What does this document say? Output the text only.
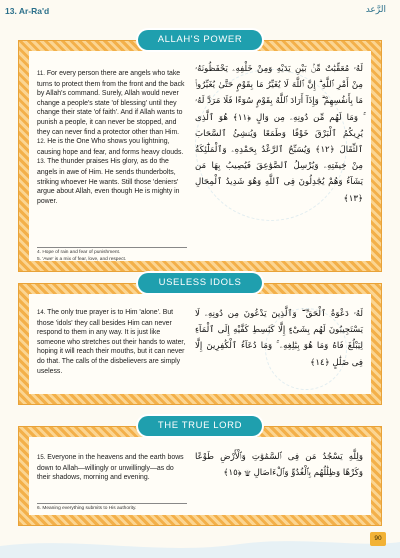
13. Ar-Ra'd	الرَّعد
ALLAH'S POWER
11. For every person there are angels who take turns to protect them from the front and the back by Allah's command. Surely, Allah would never change a people's state 'of blessing' until they change their state 'of faith'. And if Allah wants to punish a people, it can never be stopped, and they can never find a protector other than Him. 12. He is the One Who shows you lightning, causing hope and fear, and forms heavy clouds. 13. The thunder praises His glory, as do the angels in awe of Him. He sends thunderbolts, striking whoever He wants. Still those 'deniers' argue about Allah, even though He is mighty in power.
لَهُۥ مُعَقِّبَٰتٌ مِّنۢ بَيْنِ يَدَيْهِ وَمِنْ خَلْفِهِۦ يَحْفَظُونَهُۥ مِنْ أَمْرِ ٱللَّهِ ۗ إِنَّ ٱللَّهَ لَا يُغَيِّرُ مَا بِقَوْمٍ حَتَّىٰ يُغَيِّرُوا۟ مَا بِأَنفُسِهِمْ ۗ وَإِذَآ أَرَادَ ٱللَّهُ بِقَوْمٍ سُوٓءًا فَلَا مَرَدَّ لَهُۥ ۚ وَمَا لَهُم مِّن دُونِهِۦ مِن وَالٍ ﴿١١﴾ هُوَ ٱلَّذِى يُرِيكُمُ ٱلْبَرْقَ خَوْفًا وَطَمَعًا وَيُنشِئُ ٱلسَّحَابَ ٱلثِّقَالَ ﴿١٢﴾ وَيُسَبِّحُ ٱلرَّعْدُ بِحَمْدِهِۦ وَٱلْمَلَٰٓئِكَةُ مِنْ خِيفَتِهِۦ وَيُرْسِلُ ٱلصَّوَٰعِقَ فَيُصِيبُ بِهَا مَن يَشَآءُ وَهُمْ يُجَٰدِلُونَ فِى ٱللَّهِ وَهُوَ شَدِيدُ ٱلْمِحَالِ ﴿١٣﴾
4. Hope of rain and fear of punishment.
5. 'Awe' is a mix of fear, love, and respect.
USELESS IDOLS
14. The only true prayer is to Him 'alone'. But those 'idols' they call besides Him can never respond to them in any way. It is just like someone who stretches out their hands to water, hoping it will reach their mouths, but it can never do that. The calls of the disbelievers are simply useless.
لَهُۥ دَعْوَةُ ٱلْحَقِّ ۖ وَٱلَّذِينَ يَدْعُونَ مِن دُونِهِۦ لَا يَسْتَجِيبُونَ لَهُم بِشَىْءٍ إِلَّا كَبَٰسِطِ كَفَّيْهِ إِلَى ٱلْمَآءِ لِيَبْلُغَ فَاهُ وَمَا هُوَ بِبَٰلِغِهِۦ ۚ وَمَا دُعَآءُ ٱلْكَٰفِرِينَ إِلَّا فِى ضَلَٰلٍ ﴿١٤﴾
THE TRUE LORD
15. Everyone in the heavens and the earth bows down to Allah—willingly or unwillingly—as do their shadows, morning and evening.
وَلِلَّهِ يَسْجُدُ مَن فِى ٱلسَّمَٰوَٰتِ وَٱلْأَرْضِ طَوْعًا وَكَرْهًا وَظِلَٰلُهُم بِٱلْغُدُوِّ وَٱلْءَاصَالِ ۩ ﴿١٥﴾
6. Meaning everything submits to His authority.
90
